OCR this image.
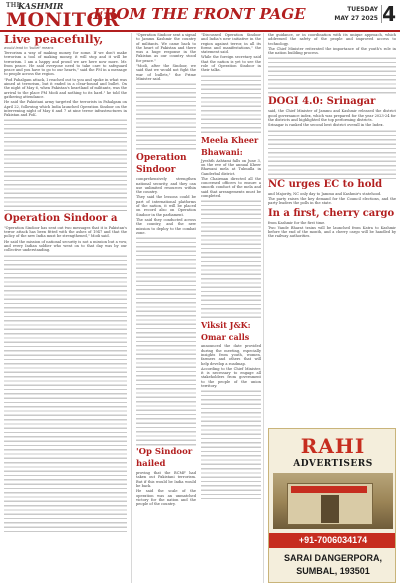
THE
KASHMIR
MONITOR
.FROM THE FRONT PAGE	TUESDAY
MAY 27 2025 4
Live peacefully,
would lead to 'bullet' means

Terrorism a way of making money for some. If we don't make terrorism a tool of making money, it will stop and it will be terrorism. I am a happy and proud we are here now more. Mr. from peace. He said everyone need to take care to safeguard peace and you have to go to our hearts," said the PM in a message to people across the region.

"Pod Pahalgam attack, I reached out to you and spoke in what was aimed at terrorism, but it ended in a clear-bound and bullet. On the night of May 6, when Pakistan's heartland of militants, was the arrival to the place PM Modi and nothing to its hard." he told the gathering attendance.

He said the Pakistani army targeted the terrorists in Pahalgam on April 22, following which India launched Operation Sindoor on the intervening night of May 6 and 7 at nine terror infrastructures in Pakistan and PoK.

Operation Sindoor a

"Operation Sindoor has sent out two messages that it is Pakistan's terror attack has been fitted with the ashes of 1947 and that the policy of the new India must be strengthened," Modi said.

He said the mission of national security is not a mission but a vow, and every Indian soldier who went on to that day was by our collective understanding.

"Operation Sindoor sent a signal to Jammu Kashmir the country of militants. We came back to the heart of Pakistan and there was a huge response in the Pakistan as our country stood for peace."

"Modi, after the Sindoor, we said that we would not fight the war of bullets," the Prime Minister said.

Operation Sindoor

comprehensively strengthen national security, and they can use unlimited resources within the country.

They said the lessons could be part of international platforms of the nation, it will be placed on record also on Operation Sindoor in the parliament.

The said they conducted across the country, and the new mission to deploy to the combat zone.

'Op Sindoor hailed

proving that the BCMF had taken out Pakistani terrorism. But if this would be India would be back.

He said the scale of the operation was an unmatched victory for the nation and the people of the country.

"Discussed Operation Sindoor and India's new initiative in the region against terror, in all its forms and manifestations," the statement said.

While the foreign secretary said that the nation is yet to see the role of Operation Sindoor in their talks.

Meela Kheer Bhawani:

Jyeshth Ashtami falls on June 3, on the eve of the annual Kheer Bhawani mela at Tulmulla in Ganderbal district.

The Chairman directed all the concerned officers to ensure a smooth conduct of the mela and said that arrangements must be completed.

Viksit J&K: Omar calls

announced the date provided during the meeting, especially insights from youth, women, farmers and others that will help develop a roadmap.

According to the Chief Minister, it is necessary to engage all stakeholders from government to the people of the union territory.

the guidance, or in coordination with its unique approach, which addressed the safety of the people and improved access to technology.

The Chief Minister reiterated the importance of the youth's role in the nation building process.

DOGI 4.0: Srinagar

said, the Chief Minister of Jammu and Kashmir released the district good governance index, which was prepared for the year 2023-24 for the districts and highlighted the top performing districts.

Srinagar is ranked the second best district overall in the Index.

NC urges EC to hold

and Majority, NC only day to Jammu and Kashmir's statehood.

The party raises the key demand for the Council elections, and the party leaders the polls in the state.

In a first, cherry cargo

from Kashmir for the first time.

Two Vande Bharat trains will be launched from Katra to Kashmir before the end of the month, and a cherry cargo will be handled by the railway authorities.

RAHI
ADVERTISERS
+91-7006034174
SARAI DANGERPORA,
SUMBAL, 193501
